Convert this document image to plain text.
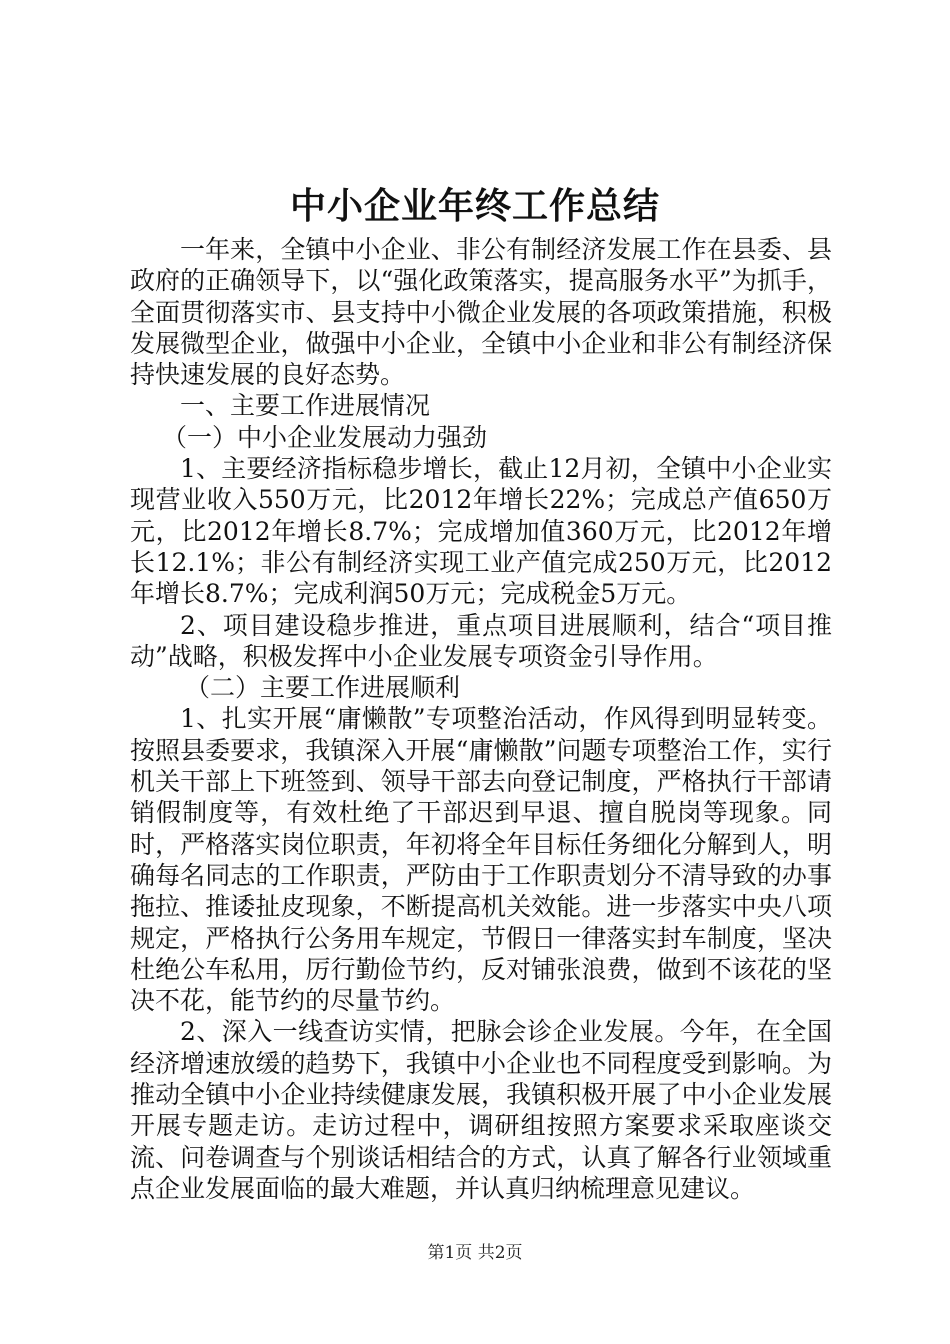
中小企业年终工作总结

一年来，全镇中小企业、非公有制经济发展工作在县委、县政府的正确领导下，以“强化政策落实，提高服务水平”为抓手，全面贯彻落实市、县支持中小微企业发展的各项政策措施，积极发展微型企业，做强中小企业，全镇中小企业和非公有制经济保持快速发展的良好态势。

一、主要工作进展情况

（一）中小企业发展动力强劲

1、主要经济指标稳步增长，截止12月初，全镇中小企业实现营业收入550万元，比2012年增长22%；完成总产值650万元，比2012年增长8.7%；完成增加值360万元，比2012年增长12.1%；非公有制经济实现工业产值完成250万元，比2012年增长8.7%；完成利润50万元；完成税金5万元。

2、项目建设稳步推进，重点项目进展顺利，结合“项目推动”战略，积极发挥中小企业发展专项资金引导作用。

（二）主要工作进展顺利

1、扎实开展“庸懒散”专项整治活动，作风得到明显转变。按照县委要求，我镇深入开展“庸懒散”问题专项整治工作，实行机关干部上下班签到、领导干部去向登记制度，严格执行干部请销假制度等，有效杜绝了干部迟到早退、擅自脱岗等现象。同时，严格落实岗位职责，年初将全年目标任务细化分解到人，明确每名同志的工作职责，严防由于工作职责划分不清导致的办事拖拉、推诿扯皮现象，不断提高机关效能。进一步落实中央八项规定，严格执行公务用车规定，节假日一律落实封车制度，坚决杜绝公车私用，厉行勤俭节约，反对铺张浪费，做到不该花的坚决不花，能节约的尽量节约。

2、深入一线查访实情，把脉会诊企业发展。今年，在全国经济增速放缓的趋势下，我镇中小企业也不同程度受到影响。为推动全镇中小企业持续健康发展，我镇积极开展了中小企业发展开展专题走访。走访过程中，调研组按照方案要求采取座谈交流、问卷调查与个别谈话相结合的方式，认真了解各行业领域重点企业发展面临的最大难题，并认真归纳梳理意见建议。

第1页 共2页
